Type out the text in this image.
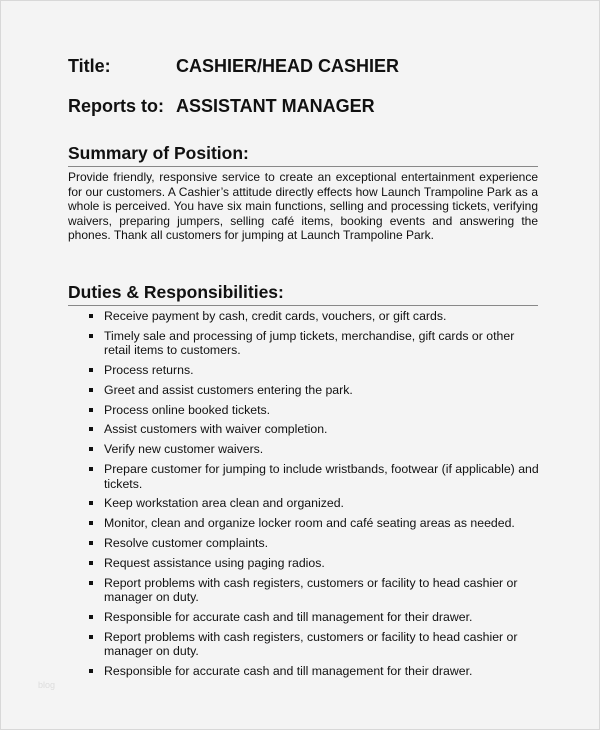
Title:	CASHIER/HEAD CASHIER
Reports to: ASSISTANT MANAGER
Summary of Position:
Provide friendly, responsive service to create an exceptional entertainment experience for our customers. A Cashier’s attitude directly effects how Launch Trampoline Park as a whole is perceived. You have six main functions, selling and processing tickets, verifying waivers, preparing jumpers, selling café items, booking events and answering the phones. Thank all customers for jumping at Launch Trampoline Park.
Duties & Responsibilities:
Receive payment by cash, credit cards, vouchers, or gift cards.
Timely sale and processing of jump tickets, merchandise, gift cards or other retail items to customers.
Process returns.
Greet and assist customers entering the park.
Process online booked tickets.
Assist customers with waiver completion.
Verify new customer waivers.
Prepare customer for jumping to include wristbands, footwear (if applicable) and tickets.
Keep workstation area clean and organized.
Monitor, clean and organize locker room and café seating areas as needed.
Resolve customer complaints.
Request assistance using paging radios.
Report problems with cash registers, customers or facility to head cashier or manager on duty.
Responsible for accurate cash and till management for their drawer.
Report problems with cash registers, customers or facility to head cashier or manager on duty.
Responsible for accurate cash and till management for their drawer.
blog
